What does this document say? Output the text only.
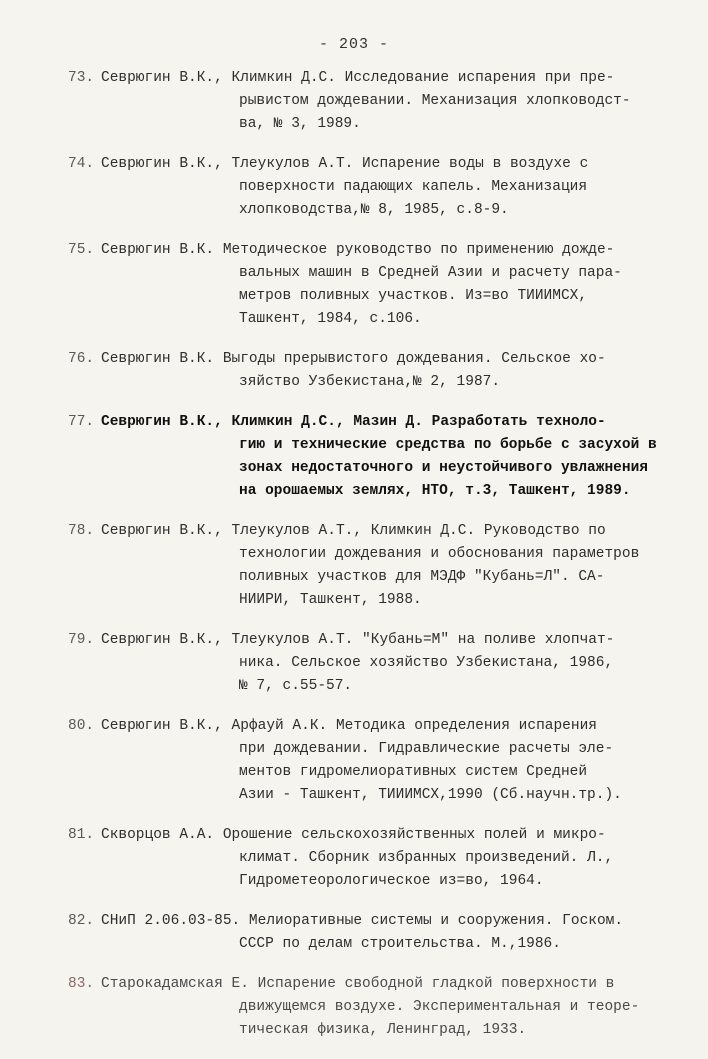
- 203 -
73. Севрюгин В.К., Климкин Д.С. Исследование испарения при пре-
рывистом дождевании. Механизация хлопководст-
ва, № 3, 1989.
74. Севрюгин В.К., Тлеукулов А.Т. Испарение воды в воздухе с
поверхности падающих капель. Механизация
хлопководства,№ 8, 1985, с.8-9.
75. Севрюгин В.К. Методическое руководство по применению дожде-
вальных машин в Средней Азии и расчету пара-
метров поливных участков. Из=во ТИИИМСХ,
Ташкент, 1984, с.106.
76. Севрюгин В.К. Выгоды прерывистого дождевания. Сельское хо-
зяйство Узбекистана,№ 2, 1987.
77. Севрюгин В.К., Климкин Д.С., Мазин Д. Разработать техноло-
гию и технические средства по борьбе с засухой в
зонах недостаточного и неустойчивого увлажнения
на орошаемых землях, НТО, т.3, Ташкент, 1989.
78. Севрюгин В.К., Тлеукулов А.Т., Климкин Д.С. Руководство по
технологии дождевания и обоснования параметров
поливных участков для МЭДФ "Кубань=Л". СА-
НИИРИ, Ташкент, 1988.
79. Севрюгин В.К., Тлеукулов А.Т. "Кубань=М" на поливе хлопчат-
ника. Сельское хозяйство Узбекистана, 1986,
№ 7, с.55-57.
80. Севрюгин В.К., Арфауй А.К. Методика определения испарения
при дождевании. Гидравлические расчеты эле-
ментов гидромелиоративных систем Средней
Азии - Ташкент, ТИИИМСХ,1990 (Сб.научн.тр.).
81. Скворцов А.А. Орошение сельскохозяйственных полей и микро-
климат. Сборник избранных произведений. Л.,
Гидрометеорологическое из=во, 1964.
82. СНиП 2.06.03-85. Мелиоративные системы и сооружения. Госком.
СССР по делам строительства. М.,1986.
83. Старокадамская Е. Испарение свободной гладкой поверхности в
движущемся воздухе. Экспериментальная и теоре-
тическая физика, Ленинград, 1933.
